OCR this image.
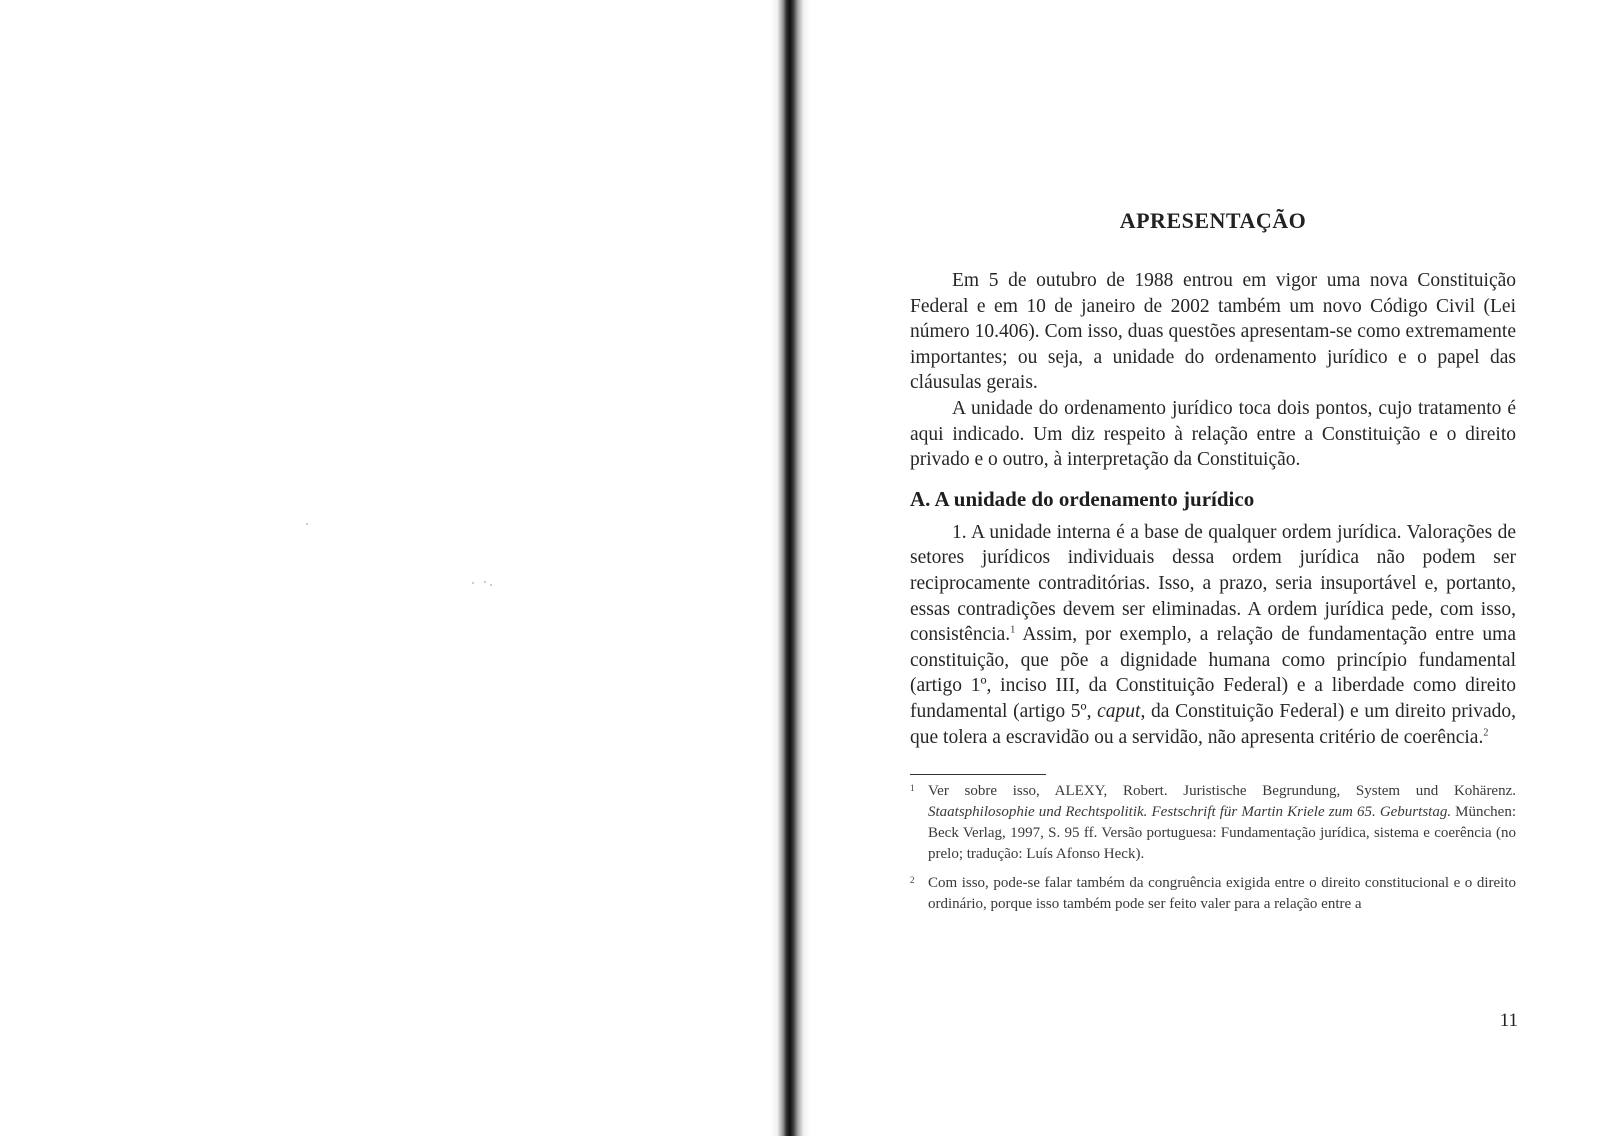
APRESENTAÇÃO

Em 5 de outubro de 1988 entrou em vigor uma nova Constituição Federal e em 10 de janeiro de 2002 também um novo Código Civil (Lei número 10.406). Com isso, duas questões apresentam-se como extremamente importantes; ou seja, a unidade do ordenamento jurídico e o papel das cláusulas gerais.

A unidade do ordenamento jurídico toca dois pontos, cujo tratamento é aqui indicado. Um diz respeito à relação entre a Constituição e o direito privado e o outro, à interpretação da Constituição.

A. A unidade do ordenamento jurídico

1. A unidade interna é a base de qualquer ordem jurídica. Valorações de setores jurídicos individuais dessa ordem jurídica não podem ser reciprocamente contraditórias. Isso, a prazo, seria insuportável e, portanto, essas contradições devem ser eliminadas. A ordem jurídica pede, com isso, consistência.$^1$ Assim, por exemplo, a relação de fundamentação entre uma constituição, que põe a dignidade humana como princípio fundamental (artigo 1º, inciso III, da Constituição Federal) e a liberdade como direito fundamental (artigo 5º, caput, da Constituição Federal) e um direito privado, que tolera a escravidão ou a servidão, não apresenta critério de coerência.$^2$

1 Ver sobre isso, ALEXY, Robert. Juristische Begrundung, System und Kohärenz. Staatsphilosophie und Rechtspolitik. Festschrift für Martin Kriele zum 65. Geburtstag. München: Beck Verlag, 1997, S. 95 ff. Versão portuguesa: Fundamentação jurídica, sistema e coerência (no prelo; tradução: Luís Afonso Heck).

2 Com isso, pode-se falar também da congruência exigida entre o direito constitucional e o direito ordinário, porque isso também pode ser feito valer para a relação entre a

11
